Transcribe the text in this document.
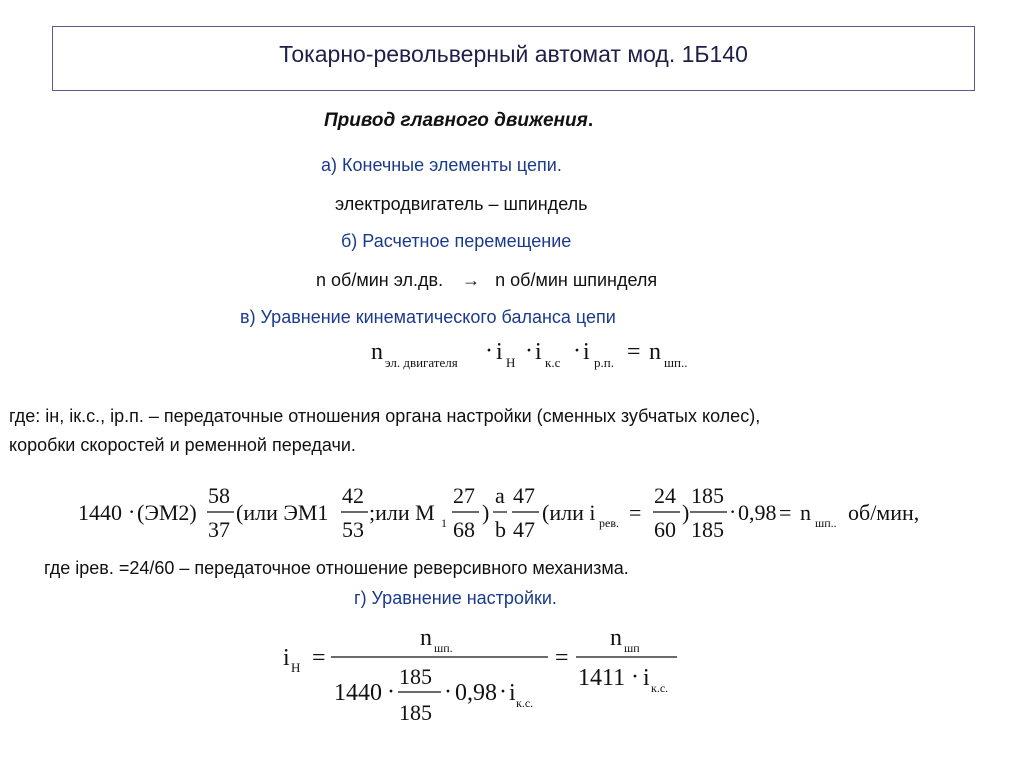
Токарно-револьверный автомат мод. 1Б140
Привод главного движения.
а) Конечные элементы цепи.
электродвигатель – шпиндель
б) Расчетное перемещение
n об/мин эл.дв. → n об/мин шпинделя
в) Уравнение кинематического баланса цепи
n эл. двигателя · i Н · i к.с · i р.п. = n шп..
где: iн, iк.с., iр.п. – передаточные отношения органа настройки (сменных зубчатых колес),
коробки скоростей и ременной передачи.
1440 · (ЭМ2)
58
37
(или ЭМ1
42
53
;или М 1
27
68
)
a
b
47
47
(или i рев. =
24
60
)
185
185
· 0,98 = n шп.. об/мин,
где iрев. =24/60 – передаточное отношение реверсивного механизма.
г) Уравнение настройки.
i Н =
n шп.
1440 ·
185
185
· 0,98 · i к.с.
=
n шп
1411 · i к.с.
